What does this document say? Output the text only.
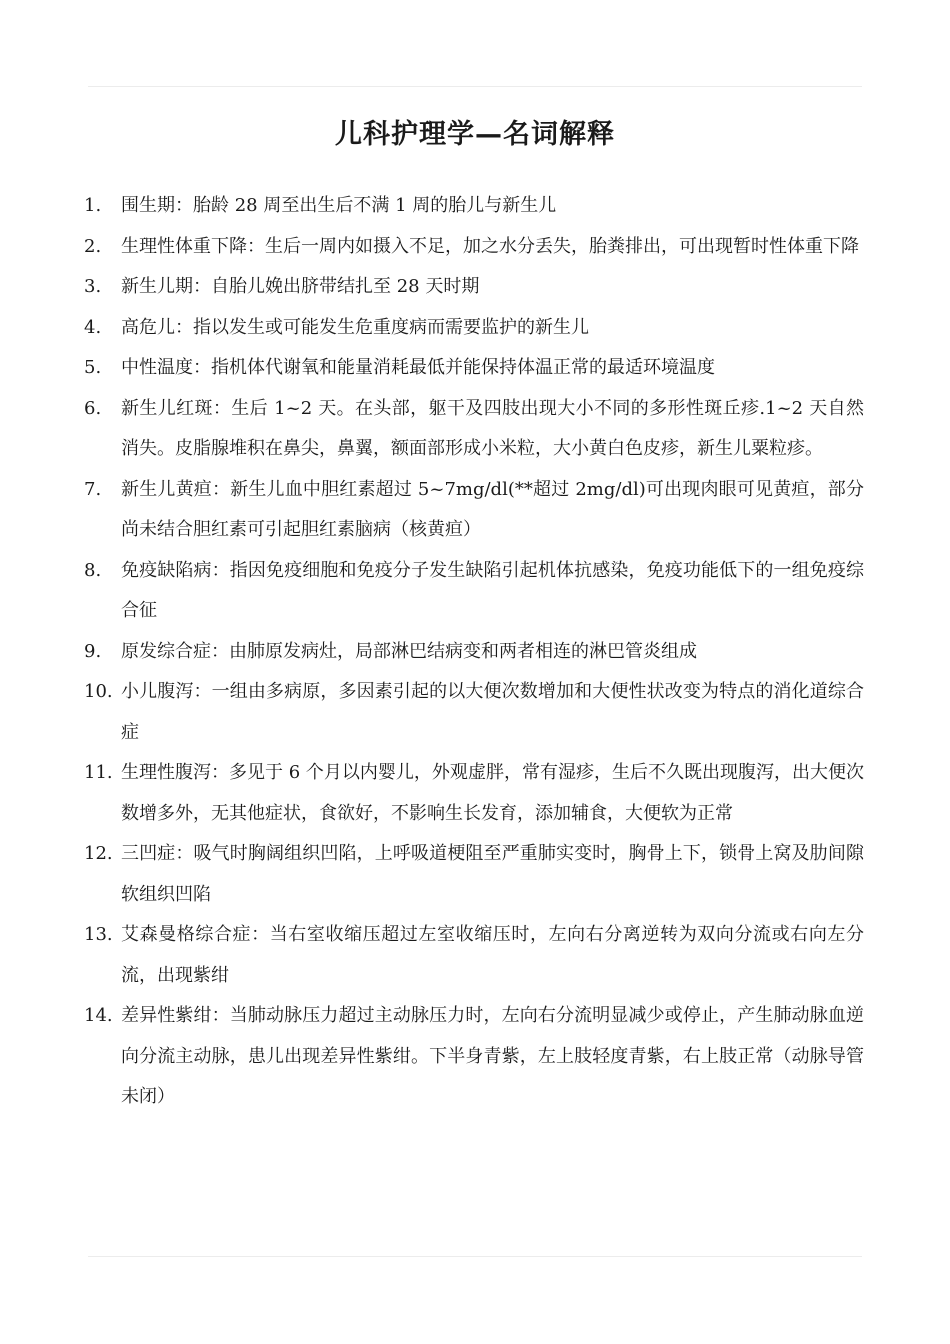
儿科护理学—名词解释
1.	围生期：胎龄 28 周至出生后不满 1 周的胎儿与新生儿
2.	生理性体重下降：生后一周内如摄入不足，加之水分丢失，胎粪排出，可出现暂时性体重下降
3.	新生儿期：自胎儿娩出脐带结扎至 28 天时期
4.	高危儿：指以发生或可能发生危重度病而需要监护的新生儿
5.	中性温度：指机体代谢氧和能量消耗最低并能保持体温正常的最适环境温度
6.	新生儿红斑：生后 1~2 天。在头部，躯干及四肢出现大小不同的多形性斑丘疹.1~2 天自然消失。皮脂腺堆积在鼻尖，鼻翼，额面部形成小米粒，大小黄白色皮疹，新生儿粟粒疹。
7.	新生儿黄疸：新生儿血中胆红素超过 5~7mg/dl(**超过 2mg/dl)可出现肉眼可见黄疸，部分尚未结合胆红素可引起胆红素脑病（核黄疸）
8.	免疫缺陷病：指因免疫细胞和免疫分子发生缺陷引起机体抗感染，免疫功能低下的一组免疫综合征
9.	原发综合症：由肺原发病灶，局部淋巴结病变和两者相连的淋巴管炎组成
10. 小儿腹泻：一组由多病原，多因素引起的以大便次数增加和大便性状改变为特点的消化道综合症
11. 生理性腹泻：多见于 6 个月以内婴儿，外观虚胖，常有湿疹，生后不久既出现腹泻，出大便次数增多外，无其他症状，食欲好，不影响生长发育，添加辅食，大便软为正常
12. 三凹症：吸气时胸阔组织凹陷，上呼吸道梗阻至严重肺实变时，胸骨上下，锁骨上窝及肋间隙软组织凹陷
13. 艾森曼格综合症：当右室收缩压超过左室收缩压时，左向右分离逆转为双向分流或右向左分流，出现紫绀
14. 差异性紫绀：当肺动脉压力超过主动脉压力时，左向右分流明显减少或停止，产生肺动脉血逆向分流主动脉，患儿出现差异性紫绀。下半身青紫，左上肢轻度青紫，右上肢正常（动脉导管未闭）
